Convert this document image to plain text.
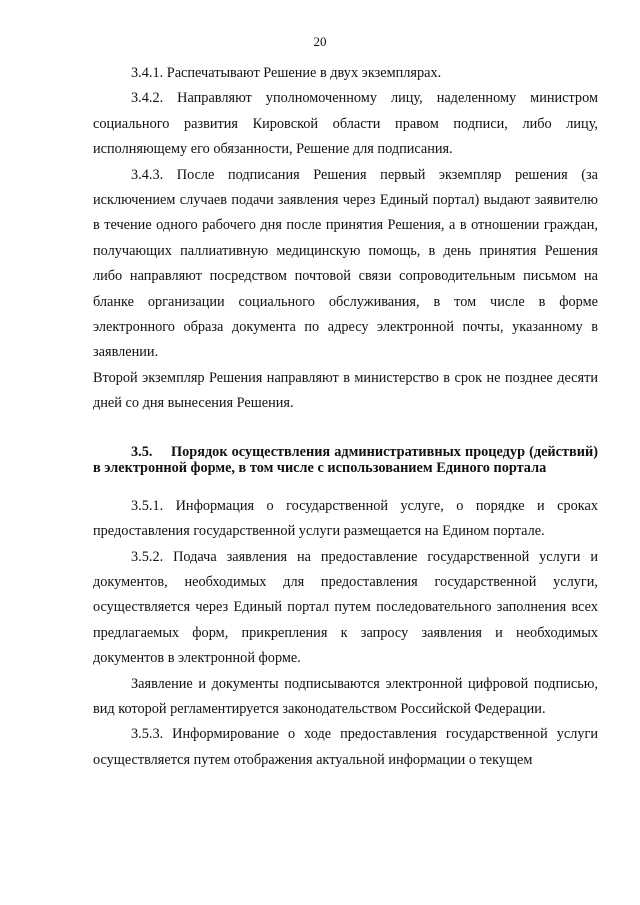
20

3.4.1. Распечатывают Решение в двух экземплярах.

3.4.2. Направляют уполномоченному лицу, наделенному министром социального развития Кировской области правом подписи, либо лицу, исполняющему его обязанности, Решение для подписания.

3.4.3. После подписания Решения первый экземпляр решения (за исключением случаев подачи заявления через Единый портал) выдают заявителю в течение одного рабочего дня после принятия Решения, а в отношении граждан, получающих паллиативную медицинскую помощь, в день принятия Решения либо направляют посредством почтовой связи сопроводительным письмом на бланке организации социального обслуживания, в том числе в форме электронного образа документа по адресу электронной почты, указанному в заявлении.

Второй экземпляр Решения направляют в министерство в срок не позднее десяти дней со дня вынесения Решения.

3.5. Порядок осуществления административных процедур (действий) в электронной форме, в том числе с использованием Единого портала

3.5.1. Информация о государственной услуге, о порядке и сроках предоставления государственной услуги размещается на Едином портале.

3.5.2. Подача заявления на предоставление государственной услуги и документов, необходимых для предоставления государственной услуги, осуществляется через Единый портал путем последовательного заполнения всех предлагаемых форм, прикрепления к запросу заявления и необходимых документов в электронной форме.

Заявление и документы подписываются электронной цифровой подписью, вид которой регламентируется законодательством Российской Федерации.

3.5.3. Информирование о ходе предоставления государственной услуги осуществляется путем отображения актуальной информации о текущем
